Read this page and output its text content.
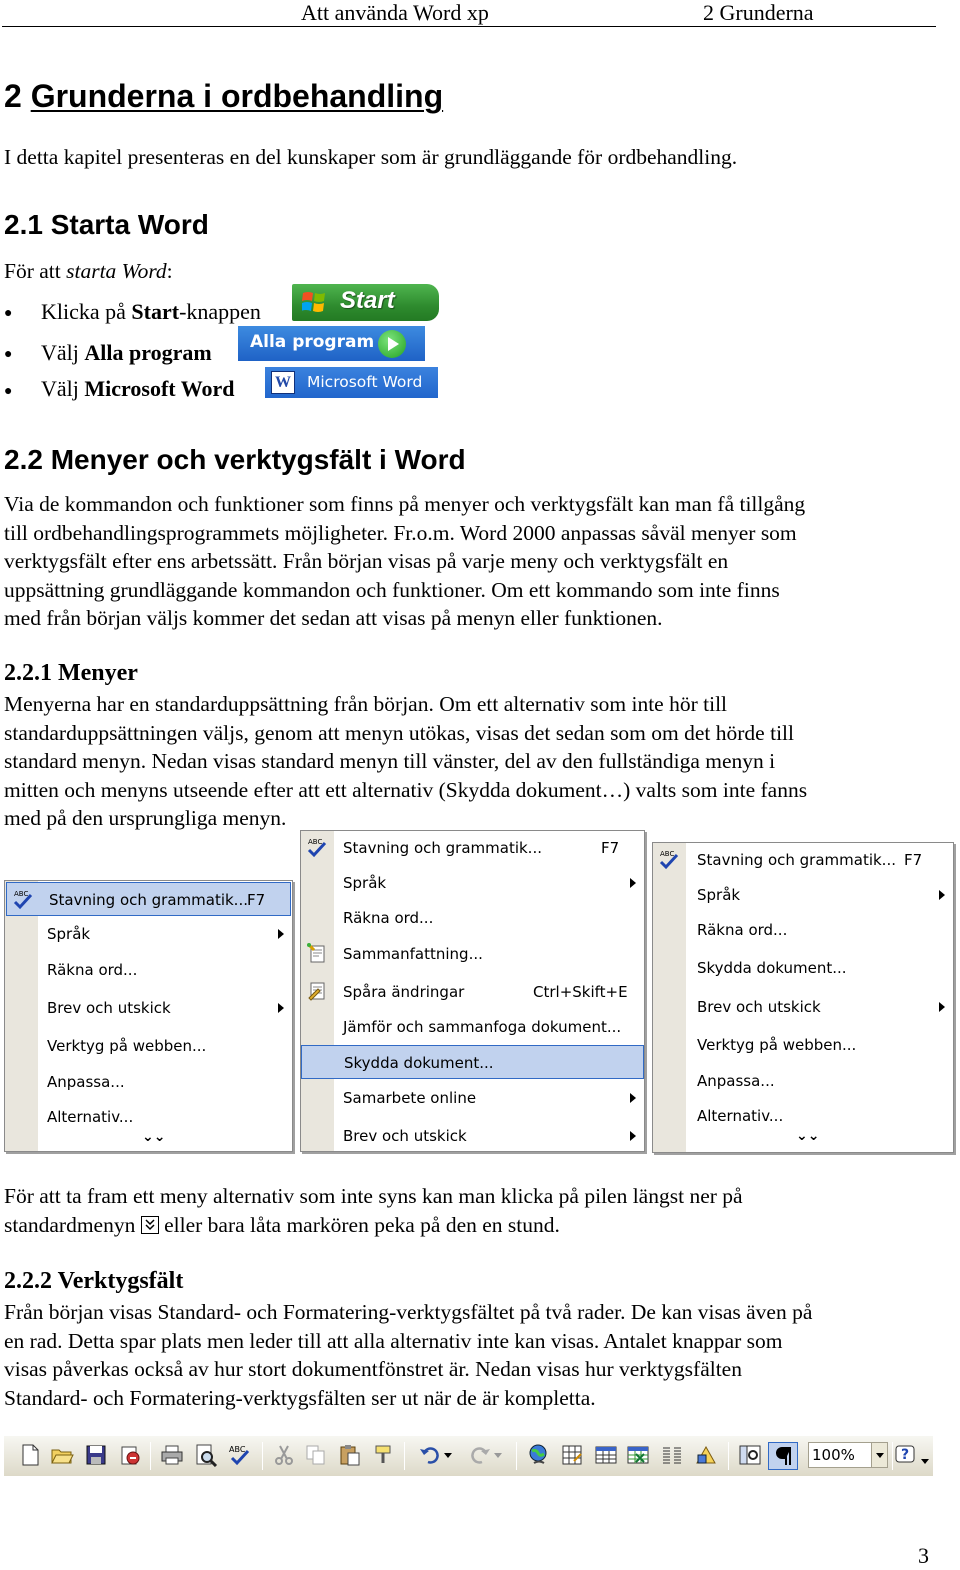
Att använda Word xp	2 Grunderna
2 Grunderna i ordbehandling
I detta kapitel presenteras en del kunskaper som är grundläggande för ordbehandling.
2.1 Starta Word
För att starta Word:
● Klicka på Start-knappen
● Välj Alla program
● Välj Microsoft Word
Start
Alla program
W Microsoft Word
2.2 Menyer och verktygsfält i Word
Via de kommandon och funktioner som finns på menyer och verktygsfält kan man få tillgång
till ordbehandlingsprogrammets möjligheter. Fr.o.m. Word 2000 anpassas såväl menyer som
verktygsfält efter ens arbetssätt. Från början visas på varje meny och verktygsfält en
uppsättning grundläggande kommandon och funktioner. Om ett kommando som inte finns
med från början väljs kommer det sedan att visas på menyn eller funktionen.
2.2.1 Menyer
Menyerna har en standarduppsättning från början. Om ett alternativ som inte hör till
standarduppsättningen väljs, genom att menyn utökas, visas det sedan som om det hörde till
standard menyn. Nedan visas standard menyn till vänster, del av den fullständiga menyn i
mitten och menyns utseende efter att ett alternativ (Skydda dokument…) valts som inte fanns
med på den ursprungliga menyn.
ABC Stavning och grammatik... F7
Språk
Räkna ord...
Brev och utskick
Verktyg på webben...
Anpassa...
Alternativ...
⌄⌄
ABC Stavning och grammatik...	F7
Språk
Räkna ord...
Sammanfattning...
Spåra ändringar	Ctrl+Skift+E
Jämför och sammanfoga dokument...
Skydda dokument...
Samarbete online
Brev och utskick
ABC Stavning och grammatik... F7
Språk
Räkna ord...
Skydda dokument...
Brev och utskick
Verktyg på webben...
Anpassa...
Alternativ...
⌄⌄
För att ta fram ett meny alternativ som inte syns kan man klicka på pilen längst ner på
standardmenyn eller bara låta markören peka på den en stund.
2.2.2 Verktygsfält
Från början visas Standard- och Formatering-verktygsfältet på två rader. De kan visas även på
en rad. Detta spar plats men leder till att alla alternativ inte kan visas. Antalet knappar som
visas påverkas också av hur stort dokumentfönstret är. Nedan visas hur verktygsfälten
Standard- och Formatering-verktygsfälten ser ut när de är kompletta.
ABC	100%	?
3
